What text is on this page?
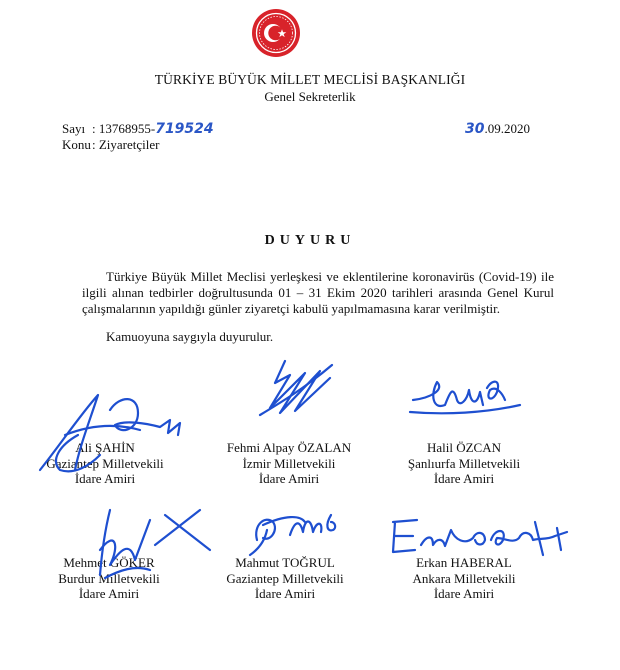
TÜRKİYE BÜYÜK MİLLET MECLİSİ BAŞKANLIĞI
Genel Sekreterlik
Sayı : 13768955-719524
Konu : Ziyaretçiler
30.09.2020
DUYURU

Türkiye Büyük Millet Meclisi yerleşkesi ve eklentilerine koronavirüs (Covid-19) ile ilgili alınan tedbirler doğrultusunda 01 – 31 Ekim 2020 tarihleri arasında Genel Kurul çalışmalarının yapıldığı günler ziyaretçi kabulü yapılmamasına karar verilmiştir.

Kamuoyuna saygıyla duyurulur.

Ali ŞAHİN
Gaziantep Milletvekili
İdare Amiri
Fehmi Alpay ÖZALAN
İzmir Milletvekili
İdare Amiri
Halil ÖZCAN
Şanlıurfa Milletvekili
İdare Amiri
Mehmet GÖKER
Burdur Milletvekili
İdare Amiri
Mahmut TOĞRUL
Gaziantep Milletvekili
İdare Amiri
Erkan HABERAL
Ankara Milletvekili
İdare Amiri
